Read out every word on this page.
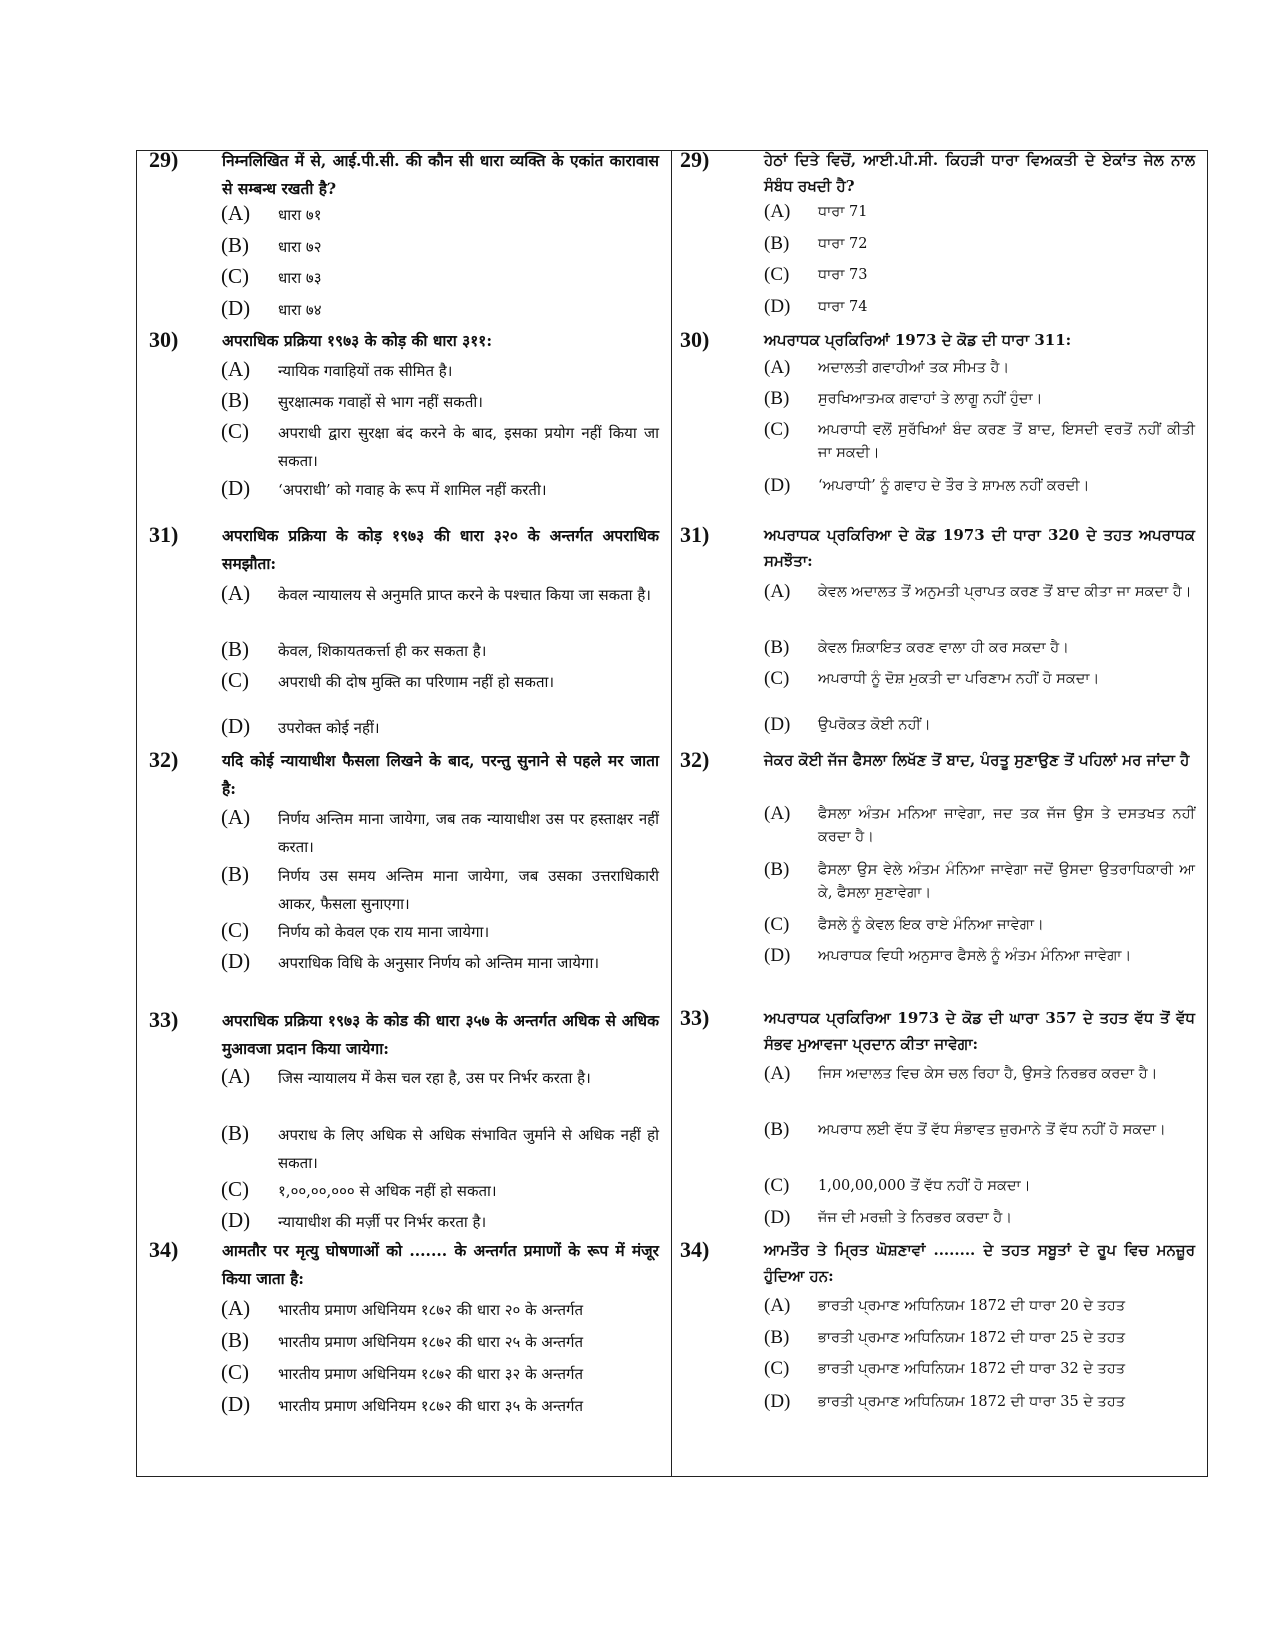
29)	निम्नलिखित में से, आई.पी.सी. की कौन सी धारा व्यक्ति के एकांत कारावास से सम्बन्ध रखती है?
(A) धारा ७१
(B) धारा ७२
(C) धारा ७३
(D) धारा ७४
30)	अपराधिक प्रक्रिया १९७३ के कोड़ की धारा ३११:
(A) न्यायिक गवाहियों तक सीमित है।
(B) सुरक्षात्मक गवाहों से भाग नहीं सकती।
(C) अपराधी द्वारा सुरक्षा बंद करने के बाद, इसका प्रयोग नहीं किया जा सकता।
(D) ‘अपराधी’ को गवाह के रूप में शामिल नहीं करती।
31)	अपराधिक प्रक्रिया के कोड़ १९७३ की धारा ३२० के अन्तर्गत अपराधिक समझौता:
(A) केवल न्यायालय से अनुमति प्राप्त करने के पश्चात किया जा सकता है।
(B) केवल, शिकायतकर्त्ता ही कर सकता है।
(C) अपराधी की दोष मुक्ति का परिणाम नहीं हो सकता।
(D) उपरोक्त कोई नहीं।
32)	यदि कोई न्यायाधीश फैसला लिखने के बाद, परन्तु सुनाने से पहले मर जाता है:
(A) निर्णय अन्तिम माना जायेगा, जब तक न्यायाधीश उस पर हस्ताक्षर नहीं करता।
(B) निर्णय उस समय अन्तिम माना जायेगा, जब उसका उत्तराधिकारी आकर, फैसला सुनाएगा।
(C) निर्णय को केवल एक राय माना जायेगा।
(D) अपराधिक विधि के अनुसार निर्णय को अन्तिम माना जायेगा।
33)	अपराधिक प्रक्रिया १९७३ के कोड की धारा ३५७ के अन्तर्गत अधिक से अधिक मुआवजा प्रदान किया जायेगा:
(A) जिस न्यायालय में केस चल रहा है, उस पर निर्भर करता है।
(B) अपराध के लिए अधिक से अधिक संभावित जुर्माने से अधिक नहीं हो सकता।
(C) १,००,००,००० से अधिक नहीं हो सकता।
(D) न्यायाधीश की मर्ज़ी पर निर्भर करता है।
34)	आमतौर पर मृत्यु घोषणाओं को ....... के अन्तर्गत प्रमाणों के रूप में मंजूर किया जाता है:
(A) भारतीय प्रमाण अधिनियम १८७२ की धारा २० के अन्तर्गत
(B) भारतीय प्रमाण अधिनियम १८७२ की धारा २५ के अन्तर्गत
(C) भारतीय प्रमाण अधिनियम १८७२ की धारा ३२ के अन्तर्गत
(D) भारतीय प्रमाण अधिनियम १८७२ की धारा ३५ के अन्तर्गत
29)	ਹੇਠਾਂ ਦਿਤੇ ਵਿਚੋਂ, ਆਈ.ਪੀ.ਸੀ. ਕਿਹੜੀ ਧਾਰਾ ਵਿਅਕਤੀ ਦੇ ਏਕਾਂਤ ਜੇਲ ਨਾਲ ਸੰਬੰਧ ਰਖਦੀ ਹੈ?
(A) ਧਾਰਾ 71
(B) ਧਾਰਾ 72
(C) ਧਾਰਾ 73
(D) ਧਾਰਾ 74
30)	ਅਪਰਾਧਕ ਪ੍ਰਕਿਰਿਆਂ 1973 ਦੇ ਕੋਡ ਦੀ ਧਾਰਾ 311:
(A) ਅਦਾਲਤੀ ਗਵਾਹੀਆਂ ਤਕ ਸੀਮਤ ਹੈ।
(B) ਸੁਰਖਿਆਤਮਕ ਗਵਾਹਾਂ ਤੇ ਲਾਗੂ ਨਹੀਂ ਹੁੰਦਾ।
(C) ਅਪਰਾਧੀ ਵਲੋਂ ਸੁਰੱਖਿਆਂ ਬੰਦ ਕਰਣ ਤੋਂ ਬਾਦ, ਇਸਦੀ ਵਰਤੋਂ ਨਹੀਂ ਕੀਤੀ ਜਾ ਸਕਦੀ।
(D) ‘ਅਪਰਾਧੀ’ ਨੂੰ ਗਵਾਹ ਦੇ ਤੌਰ ਤੇ ਸ਼ਾਮਲ ਨਹੀਂ ਕਰਦੀ।
31)	ਅਪਰਾਧਕ ਪ੍ਰਕਿਰਿਆ ਦੇ ਕੋਡ 1973 ਦੀ ਧਾਰਾ 320 ਦੇ ਤਹਤ ਅਪਰਾਧਕ ਸਮਝੌਤਾ:
(A) ਕੇਵਲ ਅਦਾਲਤ ਤੋਂ ਅਨੁਮਤੀ ਪ੍ਰਾਪਤ ਕਰਣ ਤੋਂ ਬਾਦ ਕੀਤਾ ਜਾ ਸਕਦਾ ਹੈ।
(B) ਕੇਵਲ ਸ਼ਿਕਾਇਤ ਕਰਣ ਵਾਲਾ ਹੀ ਕਰ ਸਕਦਾ ਹੈ।
(C) ਅਪਰਾਧੀ ਨੂੰ ਦੋਸ਼ ਮੁਕਤੀ ਦਾ ਪਰਿਣਾਮ ਨਹੀਂ ਹੋ ਸਕਦਾ।
(D) ਉਪਰੋਕਤ ਕੋਈ ਨਹੀਂ।
32)	ਜੇਕਰ ਕੋਈ ਜੱਜ ਫੈਸਲਾ ਲਿਖੱਣ ਤੋਂ ਬਾਦ, ਪੰਰਤੂ ਸੁਣਾਉਣ ਤੋਂ ਪਹਿਲਾਂ ਮਰ ਜਾਂਦਾ ਹੈ
(A) ਫੈਸਲਾ ਅੰਤਮ ਮਨਿਆ ਜਾਵੇਗਾ, ਜਦ ਤਕ ਜੱਜ ਉਸ ਤੇ ਦਸਤਖਤ ਨਹੀਂ ਕਰਦਾ ਹੈ।
(B) ਫੈਸਲਾ ਉਸ ਵੇਲੇ ਅੰਤਮ ਮੰਨਿਆ ਜਾਵੇਗਾ ਜਦੋਂ ਉਸਦਾ ਉਤਰਾਧਿਕਾਰੀ ਆ ਕੇ, ਫੈਸਲਾ ਸੁਣਾਵੇਗਾ।
(C) ਫੈਸਲੇ ਨੂੰ ਕੇਵਲ ਇਕ ਰਾਏ ਮੰਨਿਆ ਜਾਵੇਗਾ।
(D) ਅਪਰਾਧਕ ਵਿਧੀ ਅਨੁਸਾਰ ਫੈਸਲੇ ਨੂੰ ਅੰਤਮ ਮੰਨਿਆ ਜਾਵੇਗਾ।
33)	ਅਪਰਾਧਕ ਪ੍ਰਕਿਰਿਆ 1973 ਦੇ ਕੋਡ ਦੀ ਘਾਰਾ 357 ਦੇ ਤਹਤ ਵੱਧ ਤੋਂ ਵੱਧ ਸੰਭਵ ਮੁਆਵਜਾ ਪ੍ਰਦਾਨ ਕੀਤਾ ਜਾਵੇਗਾ:
(A) ਜਿਸ ਅਦਾਲਤ ਵਿਚ ਕੇਸ ਚਲ ਰਿਹਾ ਹੈ, ਉਸਤੇ ਨਿਰਭਰ ਕਰਦਾ ਹੈ।
(B) ਅਪਰਾਧ ਲਈ ਵੱਧ ਤੋਂ ਵੱਧ ਸੰਭਾਵਤ ਜ਼ੁਰਮਾਨੇ ਤੋਂ ਵੱਧ ਨਹੀਂ ਹੋ ਸਕਦਾ।
(C) 1,00,00,000 ਤੋਂ ਵੱਧ ਨਹੀਂ ਹੋ ਸਕਦਾ।
(D) ਜੱਜ ਦੀ ਮਰਜ਼ੀ ਤੇ ਨਿਰਭਰ ਕਰਦਾ ਹੈ।
34)	ਆਮਤੌਰ ਤੇ ਮ੍ਰਿਤ ਘੋਸ਼ਣਾਵਾਂ ........ ਦੇ ਤਹਤ ਸਬੂਤਾਂ ਦੇ ਰੂਪ ਵਿਚ ਮਨਜ਼ੂਰ ਹੁੰਦਿਆ ਹਨ:
(A) ਭਾਰਤੀ ਪ੍ਰਮਾਣ ਅਧਿਨਿਯਮ 1872 ਦੀ ਧਾਰਾ 20 ਦੇ ਤਹਤ
(B) ਭਾਰਤੀ ਪ੍ਰਮਾਣ ਅਧਿਨਿਯਮ 1872 ਦੀ ਧਾਰਾ 25 ਦੇ ਤਹਤ
(C) ਭਾਰਤੀ ਪ੍ਰਮਾਣ ਅਧਿਨਿਯਮ 1872 ਦੀ ਧਾਰਾ 32 ਦੇ ਤਹਤ
(D) ਭਾਰਤੀ ਪ੍ਰਮਾਣ ਅਧਿਨਿਯਮ 1872 ਦੀ ਧਾਰਾ 35 ਦੇ ਤਹਤ
